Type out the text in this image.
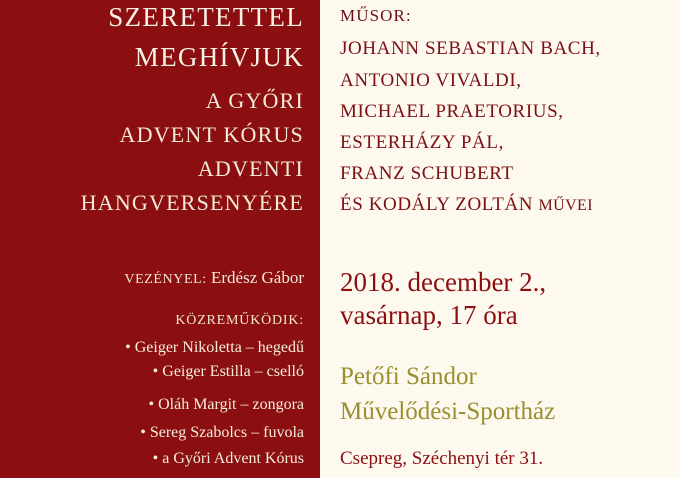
SZERETETTEL
MEGHÍVJUK
A GYŐRI
ADVENT KÓRUS
ADVENTI
HANGVERSENYÉRE
VEZÉNYEL: Erdész Gábor
KÖZREMŰKÖDIK:
• Geiger Nikoletta – hegedű
• Geiger Estilla – cselló
• Oláh Margit – zongora
• Sereg Szabolcs – fuvola
• a Győri Advent Kórus
MŰSOR:
JOHANN SEBASTIAN BACH,
ANTONIO VIVALDI,
MICHAEL PRAETORIUS,
ESTERHÁZY PÁL,
FRANZ SCHUBERT
ÉS KODÁLY ZOLTÁN MŰVEI
2018. december 2.,
vasárnap, 17 óra
Petőfi Sándor
Művelődési-Sportház
Csepreg, Széchenyi tér 31.
